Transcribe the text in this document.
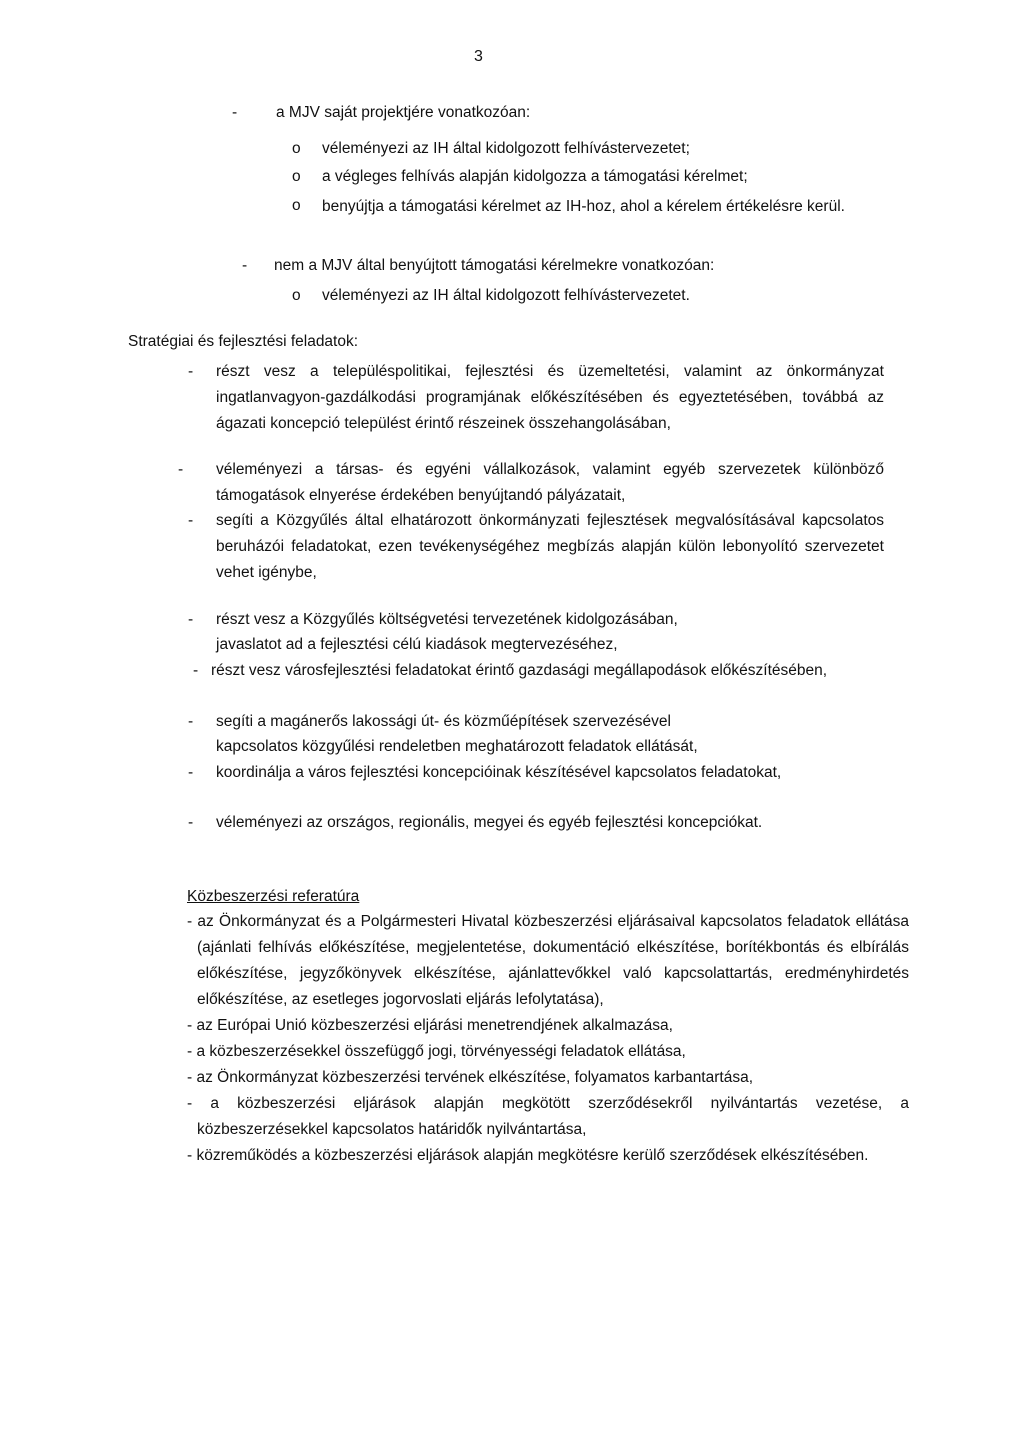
3
-	a MJV saját projektjére vonatkozóan:

o véleményezi az IH által kidolgozott felhívástervezetet;

o a végleges felhívás alapján kidolgozza a támogatási kérelmet;

o benyújtja a támogatási kérelmet az IH-hoz, ahol a kérelem értékelésre kerül.

- nem a MJV által benyújtott támogatási kérelmekre vonatkozóan:

o véleményezi az IH által kidolgozott felhívástervezetet.

Stratégiai és fejlesztési feladatok:
- részt vesz a településpolitikai, fejlesztési és üzemeltetési, valamint az önkormányzat ingatlanvagyon-gazdálkodási programjának előkészítésében és egyeztetésében, továbbá az ágazati koncepció települést érintő részeinek összehangolásában,

- véleményezi a társas- és egyéni vállalkozások, valamint egyéb szervezetek különböző támogatások elnyerése érdekében benyújtandó pályázatait,

- segíti a Közgyűlés által elhatározott önkormányzati fejlesztések megvalósításával kapcsolatos beruházói feladatokat, ezen tevékenységéhez megbízás alapján külön lebonyolító szervezetet vehet igénybe,

- részt vesz a Közgyűlés költségvetési tervezetének kidolgozásában,

javaslatot ad a fejlesztési célú kiadások megtervezéséhez,

- részt vesz városfejlesztési feladatokat érintő gazdasági megállapodások előkészítésében,

- segíti a magánerős lakossági út- és közműépítések szervezésével

kapcsolatos közgyűlési rendeletben meghatározott feladatok ellátását,

- koordinálja a város fejlesztési koncepcióinak készítésével kapcsolatos feladatokat,

- véleményezi az országos, regionális, megyei és egyéb fejlesztési koncepciókat.

Közbeszerzési referatúra

- az Önkormányzat és a Polgármesteri Hivatal közbeszerzési eljárásaival kapcsolatos feladatok ellátása (ajánlati felhívás előkészítése, megjelentetése, dokumentáció elkészítése, borítékbontás és elbírálás előkészítése, jegyzőkönyvek elkészítése, ajánlattevőkkel való kapcsolattartás, eredményhirdetés előkészítése, az esetleges jogorvoslati eljárás lefolytatása),

- az Európai Unió közbeszerzési eljárási menetrendjének alkalmazása,

- a közbeszerzésekkel összefüggő jogi, törvényességi feladatok ellátása,

- az Önkormányzat közbeszerzési tervének elkészítése, folyamatos karbantartása,

- a közbeszerzési eljárások alapján megkötött szerződésekről nyilvántartás vezetése, a közbeszerzésekkel kapcsolatos határidők nyilvántartása,

- közreműködés a közbeszerzési eljárások alapján megkötésre kerülő szerződések elkészítésében.
